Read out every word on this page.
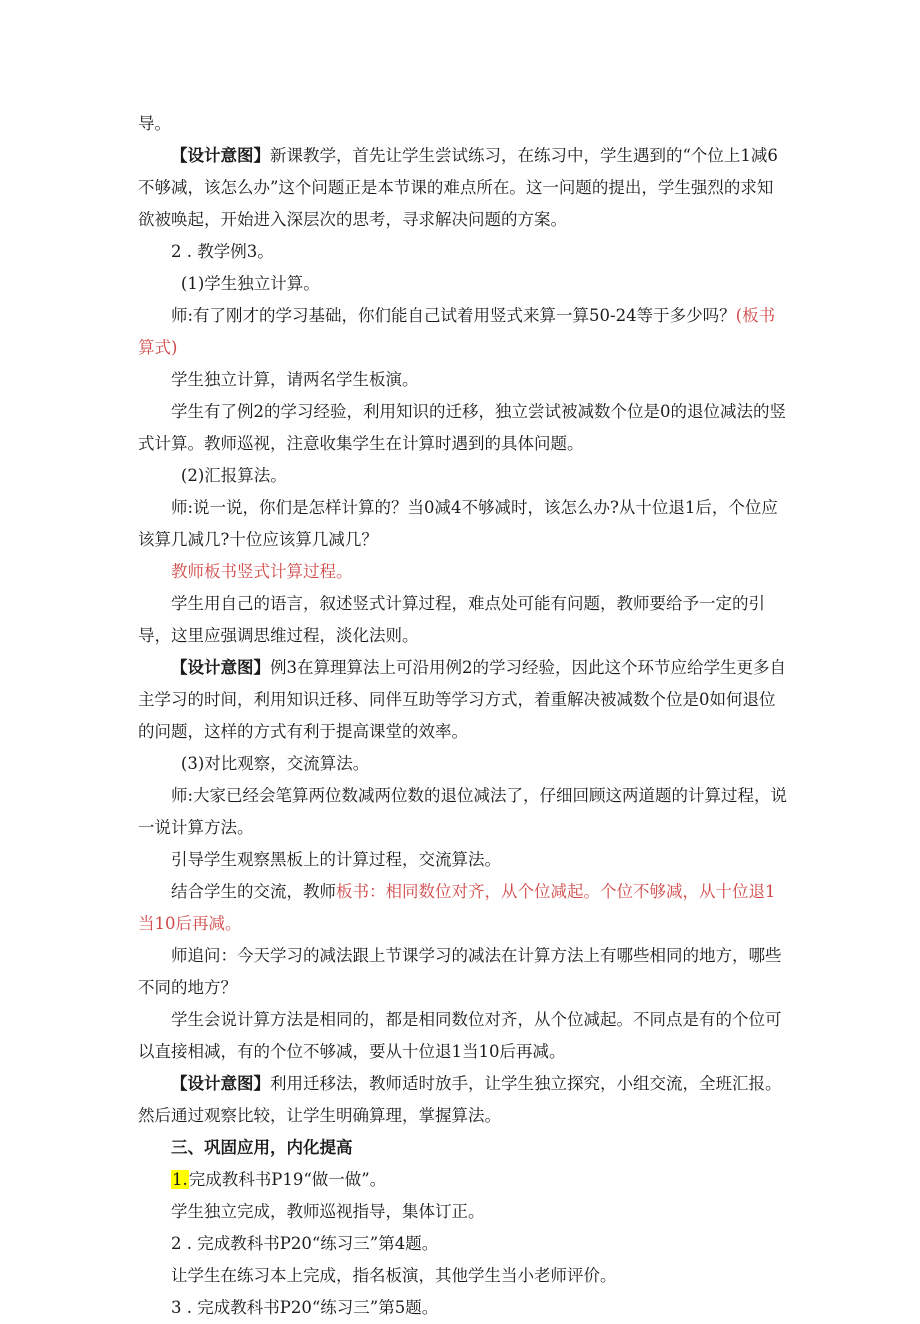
导。

【设计意图】新课教学，首先让学生尝试练习，在练习中，学生遇到的“个位上1减6不够减，该怎么办”这个问题正是本节课的难点所在。这一问题的提出，学生强烈的求知欲被唤起，开始进入深层次的思考，寻求解决问题的方案。

2 . 教学例3。

(1)学生独立计算。

师:有了刚才的学习基础，你们能自己试着用竖式来算一算50-24等于多少吗？(板书算式)

学生独立计算，请两名学生板演。

学生有了例2的学习经验，利用知识的迁移，独立尝试被减数个位是0的退位减法的竖式计算。教师巡视，注意收集学生在计算时遇到的具体问题。

(2)汇报算法。

师:说一说，你们是怎样计算的？当0减4不够减时，该怎么办?从十位退1后，个位应该算几减几?十位应该算几减几？

教师板书竖式计算过程。

学生用自己的语言，叙述竖式计算过程，难点处可能有问题，教师要给予一定的引导，这里应强调思维过程，淡化法则。

【设计意图】例3在算理算法上可沿用例2的学习经验，因此这个环节应给学生更多自主学习的时间，利用知识迁移、同伴互助等学习方式，着重解决被减数个位是0如何退位的问题，这样的方式有利于提高课堂的效率。

(3)对比观察，交流算法。

师:大家已经会笔算两位数减两位数的退位减法了，仔细回顾这两道题的计算过程，说一说计算方法。

引导学生观察黑板上的计算过程，交流算法。

结合学生的交流，教师板书：相同数位对齐，从个位减起。个位不够减，从十位退1当10后再减。

师追问：今天学习的减法跟上节课学习的减法在计算方法上有哪些相同的地方，哪些不同的地方？

学生会说计算方法是相同的，都是相同数位对齐，从个位减起。不同点是有的个位可以直接相减，有的个位不够减，要从十位退1当10后再减。

【设计意图】利用迁移法，教师适时放手，让学生独立探究，小组交流，全班汇报。然后通过观察比较，让学生明确算理，掌握算法。

三、巩固应用，内化提高

1.完成教科书P19“做一做”。

学生独立完成，教师巡视指导，集体订正。

2 . 完成教科书P20“练习三”第4题。

让学生在练习本上完成，指名板演，其他学生当小老师评价。

3 . 完成教科书P20“练习三”第5题。
